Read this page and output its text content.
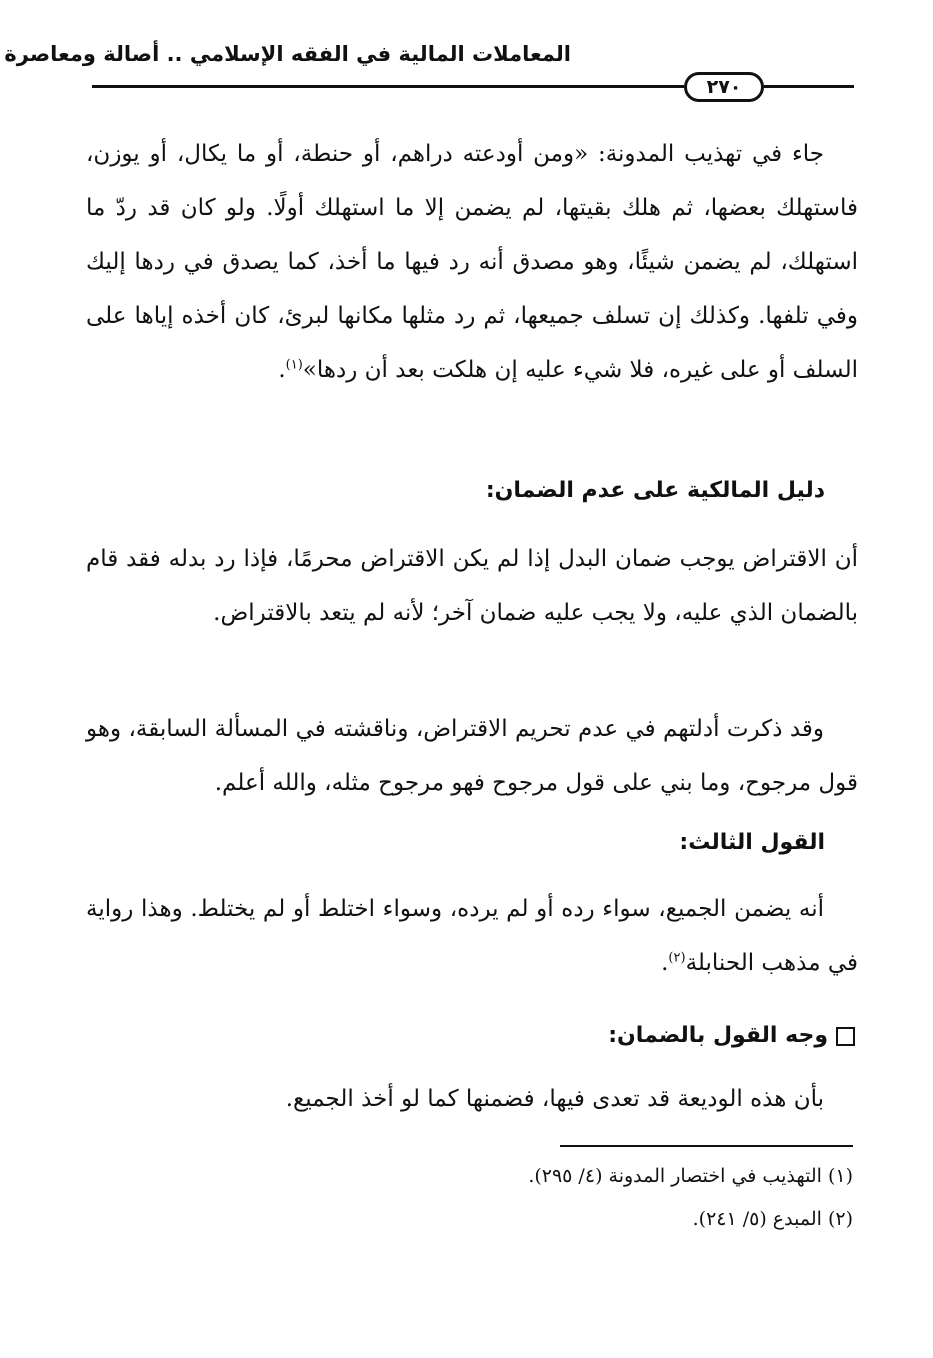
المعاملات المالية في الفقه الإسلامي .. أصالة ومعاصرة
٢٧٠
جاء في تهذيب المدونة: «ومن أودعته دراهم، أو حنطة، أو ما يكال، أو يوزن، فاستهلك بعضها، ثم هلك بقيتها، لم يضمن إلا ما استهلك أولًا. ولو كان قد ردّ ما استهلك، لم يضمن شيئًا، وهو مصدق أنه رد فيها ما أخذ، كما يصدق في ردها إليك وفي تلفها. وكذلك إن تسلف جميعها، ثم رد مثلها مكانها لبرئ، كان أخذه إياها على السلف أو على غيره، فلا شيء عليه إن هلكت بعد أن ردها»$^{(١)}$.
دليل المالكية على عدم الضمان:
أن الاقتراض يوجب ضمان البدل إذا لم يكن الاقتراض محرمًا، فإذا رد بدله فقد قام بالضمان الذي عليه، ولا يجب عليه ضمان آخر؛ لأنه لم يتعد بالاقتراض.
وقد ذكرت أدلتهم في عدم تحريم الاقتراض، وناقشته في المسألة السابقة، وهو قول مرجوح، وما بني على قول مرجوح فهو مرجوح مثله، والله أعلم.
القول الثالث:
أنه يضمن الجميع، سواء رده أو لم يرده، وسواء اختلط أو لم يختلط. وهذا رواية في مذهب الحنابلة$^{(٢)}$.
وجه القول بالضمان:
بأن هذه الوديعة قد تعدى فيها، فضمنها كما لو أخذ الجميع.
(١) التهذيب في اختصار المدونة (٤/ ٢٩٥).
(٢) المبدع (٥/ ٢٤١).
